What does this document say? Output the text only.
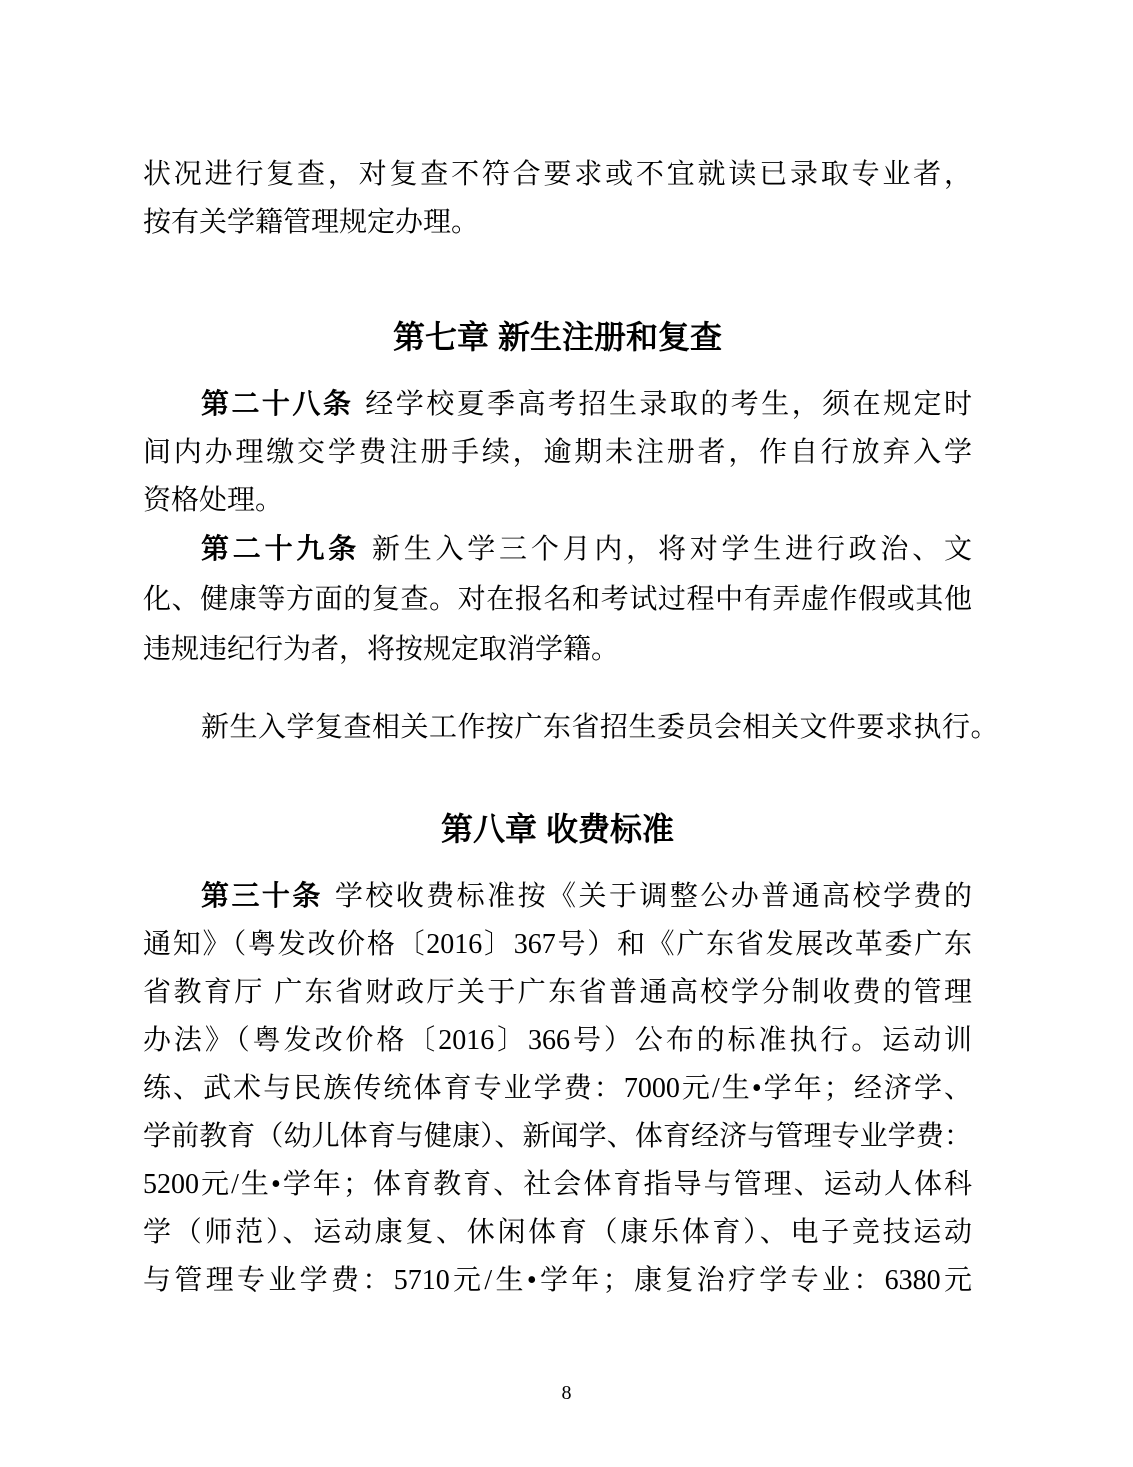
状况进行复查，对复查不符合要求或不宜就读已录取专业者，
按有关学籍管理规定办理。
第七章 新生注册和复查
第二十八条 经学校夏季高考招生录取的考生，须在规定时
间内办理缴交学费注册手续，逾期未注册者，作自行放弃入学
资格处理。
第二十九条 新生入学三个月内，将对学生进行政治、文
化、健康等方面的复查。对在报名和考试过程中有弄虚作假或其他
违规违纪行为者，将按规定取消学籍。
新生入学复查相关工作按广东省招生委员会相关文件要求执行。
第八章 收费标准
第三十条 学校收费标准按《关于调整公办普通高校学费的
通知》（粤发改价格〔2016〕367号）和《广东省发展改革委广东
省教育厅 广东省财政厅关于广东省普通高校学分制收费的管理
办法》（粤发改价格〔2016〕366号）公布的标准执行。运动训
练、武术与民族传统体育专业学费：7000元/生•学年；经济学、
学前教育（幼儿体育与健康）、新闻学、体育经济与管理专业学费：
5200元/生•学年；体育教育、社会体育指导与管理、运动人体科
学（师范）、运动康复、休闲体育（康乐体育）、电子竞技运动
与管理专业学费：5710元/生•学年；康复治疗学专业：6380元
8
